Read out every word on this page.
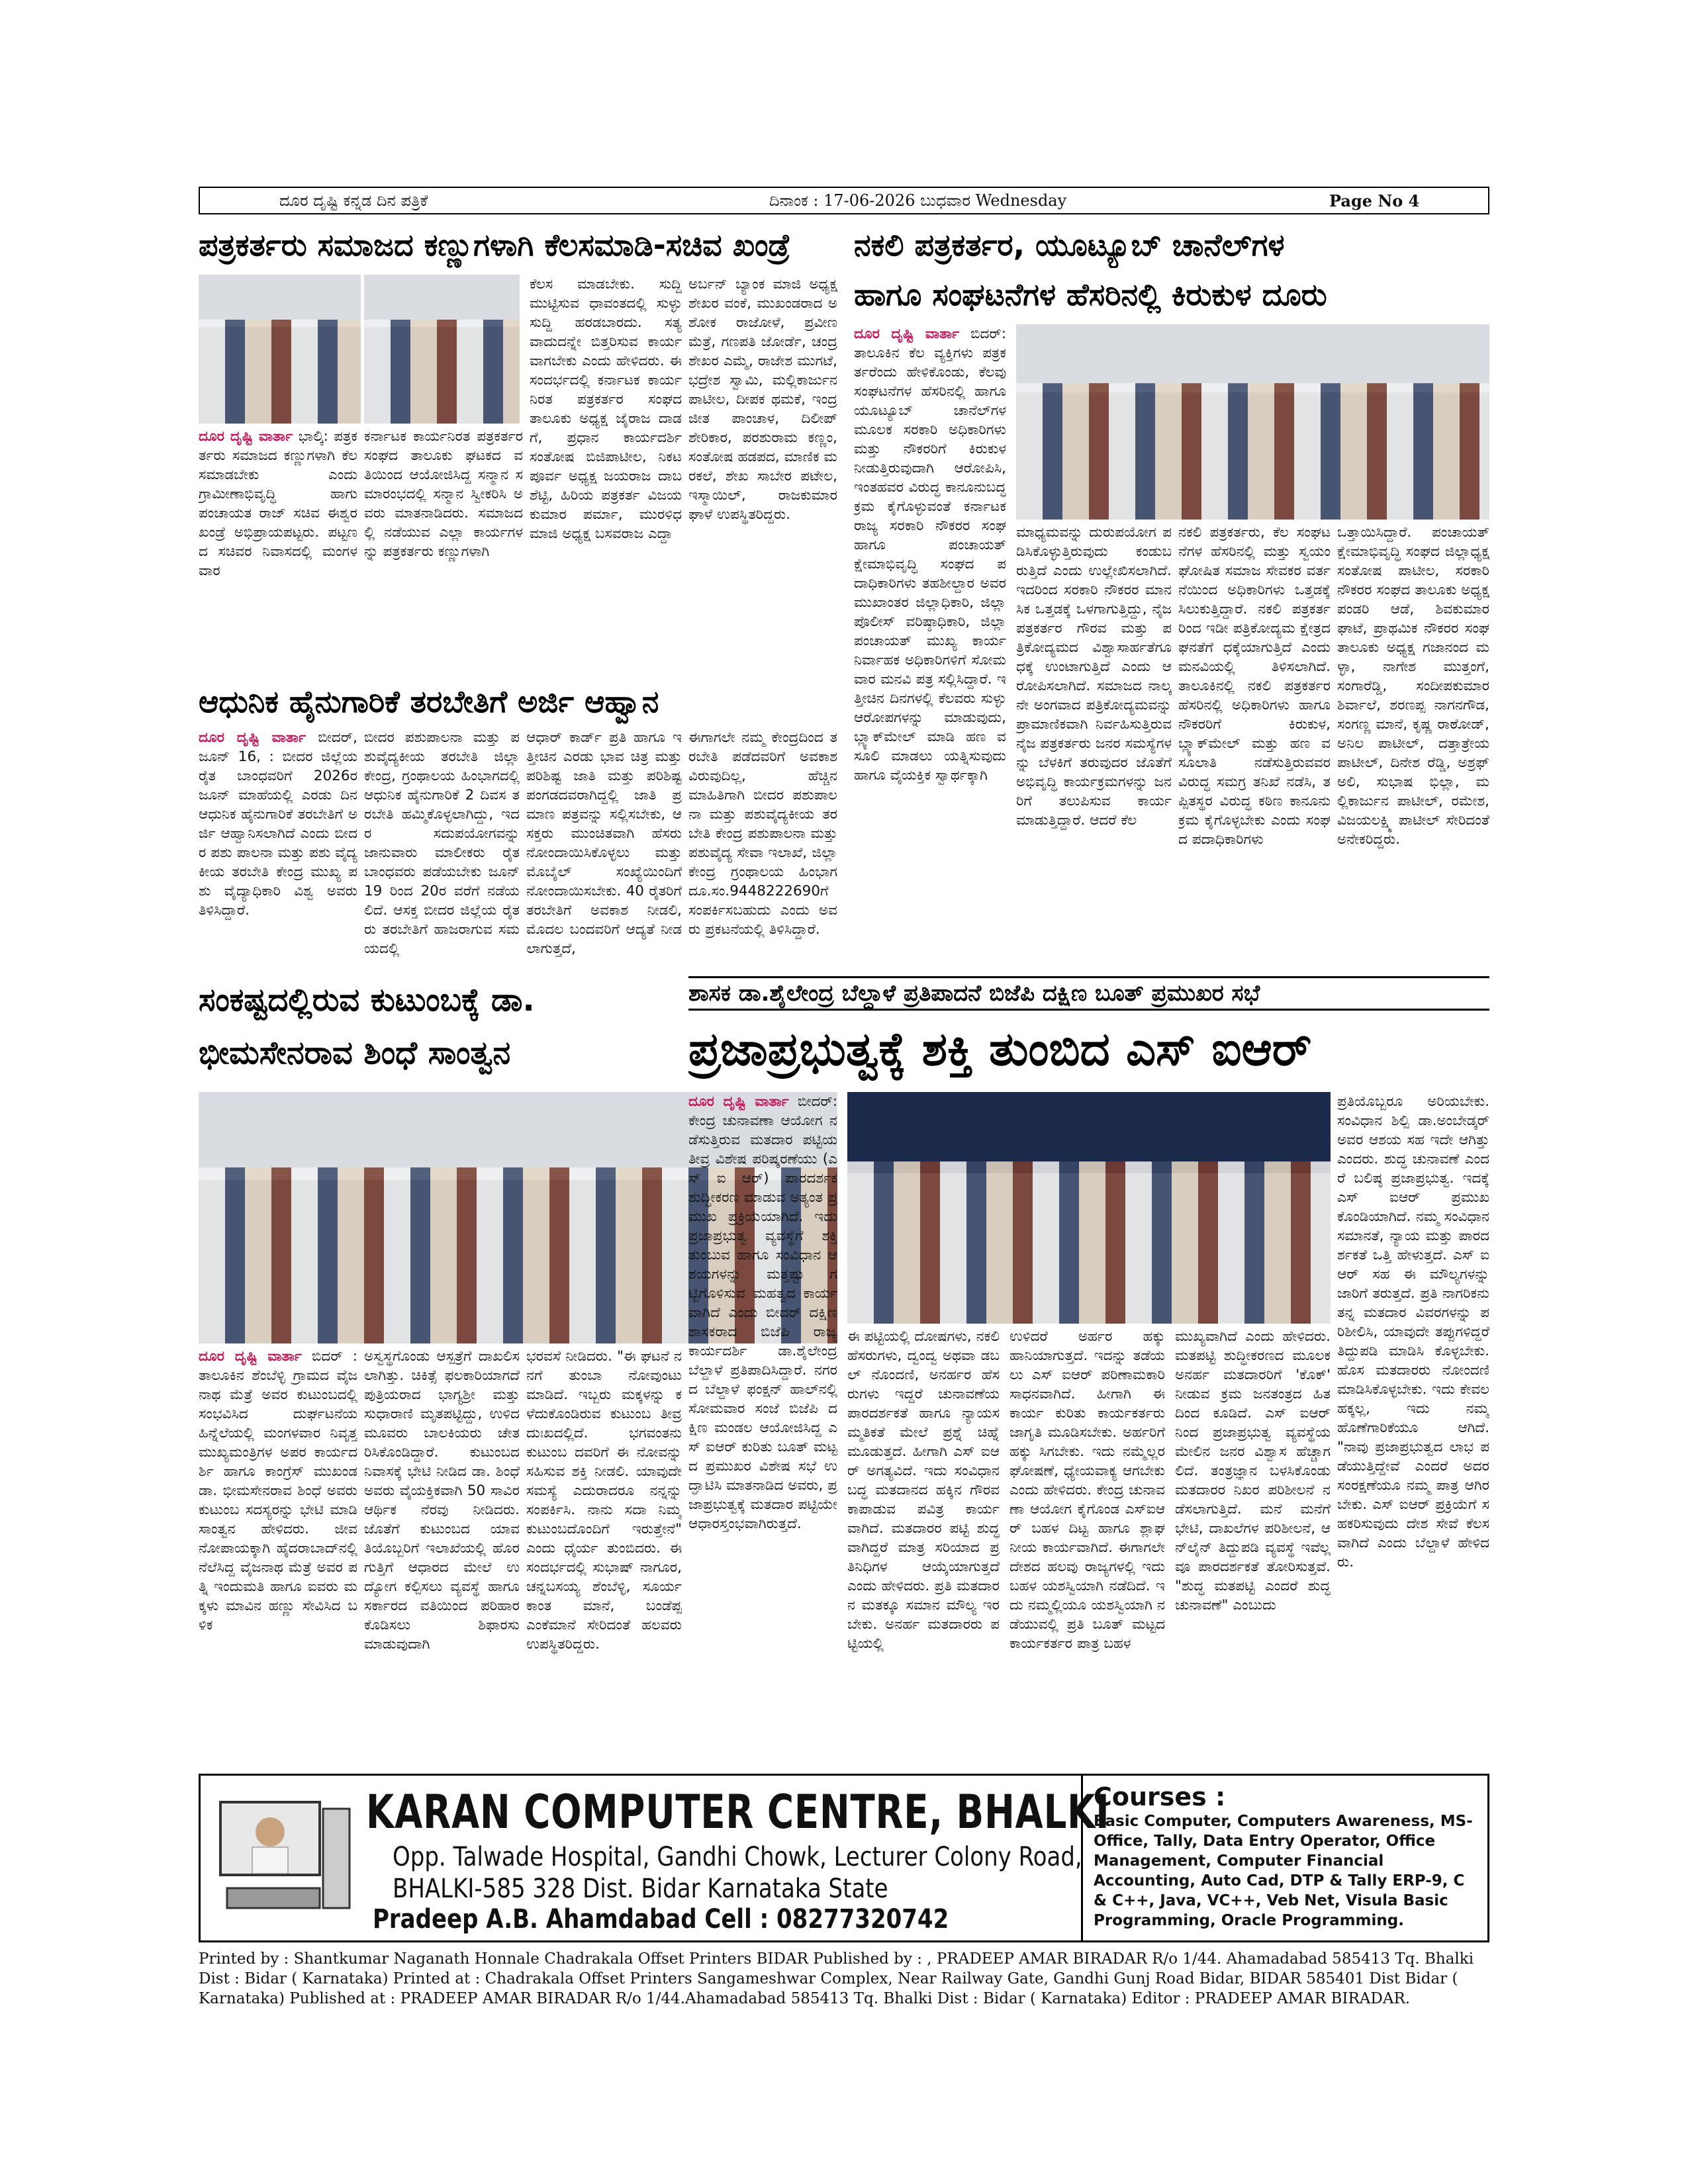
ದೂರ ದೃಷ್ಟಿ ಕನ್ನಡ ದಿನ ಪತ್ರಿಕೆ	ದಿನಾಂಕ : 17-06-2026 ಬುಧವಾರ Wednesday	Page No 4
ಪತ್ರಕರ್ತರು ಸಮಾಜದ ಕಣ್ಣುಗಳಾಗಿ ಕೆಲಸಮಾಡಿ-ಸಚಿವ ಖಂಡ್ರೆ
ದೂರ ದೃಷ್ಟಿ ವಾರ್ತಾ ಭಾಲ್ಕಿ: ಪತ್ರಕರ್ತರು ಸಮಾಜದ ಕಣ್ಣುಗಳಾಗಿ ಕೆಲಸಮಾಡಬೇಕು ಎಂದು ಗ್ರಾಮೀಣಾಭಿವೃದ್ಧಿ ಹಾಗು ಪಂಚಾಯತ ರಾಜ್ ಸಚಿವ ಈಶ್ವರ ಖಂಡ್ರೆ ಅಭಿಪ್ರಾಯಪಟ್ಟರು. ಪಟ್ಟಣದ ಸಚಿವರ ನಿವಾಸದಲ್ಲಿ ಮಂಗಳವಾರ
ಕರ್ನಾಟಕ ಕಾರ್ಯನಿರತ ಪತ್ರಕರ್ತರ ಸಂಘದ ತಾಲೂಕು ಘಟಕದ ವತಿಯಿಂದ ಆಯೋಜಿಸಿದ್ದ ಸನ್ಮಾನ ಸಮಾರಂಭದಲ್ಲಿ ಸನ್ಮಾನ ಸ್ವೀಕರಿಸಿ ಅವರು ಮಾತನಾಡಿದರು. ಸಮಾಜದಲ್ಲಿ ನಡೆಯುವ ಎಲ್ಲಾ ಕಾರ್ಯಗಳನ್ನು ಪತ್ರಕರ್ತರು ಕಣ್ಣುಗಳಾಗಿ
ಕೆಲಸ ಮಾಡಬೇಕು. ಸುದ್ದಿ ಮುಟ್ಟಿಸುವ ಧಾವಂತದಲ್ಲಿ ಸುಳ್ಳು ಸುದ್ದಿ ಹರಡಬಾರದು. ಸತ್ಯವಾದುದನ್ನೇ ಬಿತ್ತರಿಸುವ ಕಾರ್ಯವಾಗಬೇಕು ಎಂದು ಹೇಳಿದರು. ಈ ಸಂದರ್ಭದಲ್ಲಿ ಕರ್ನಾಟಕ ಕಾರ್ಯನಿರತ ಪತ್ರಕರ್ತರ ಸಂಘದ ತಾಲೂಕು ಅಧ್ಯಕ್ಷ ಜೈರಾಜ ದಾಡಗೆ, ಪ್ರಧಾನ ಕಾರ್ಯದರ್ಶಿ ಸಂತೋಷ ಬಿಜಿಪಾಟೀಲ, ನಿಕಟ ಪೂರ್ವ ಅಧ್ಯಕ್ಷ ಜಯರಾಜ ದಾಬಶೆಟ್ಟಿ, ಹಿರಿಯ ಪತ್ರಕರ್ತ ವಿಜಯಕುಮಾರ ಪರ್ಮಾ, ಮುರಳಿಧ ಮಾಜಿ ಅಧ್ಯಕ್ಷ ಬಸವರಾಜ ಎದ್ದಾ
ಅರ್ಬನ್ ಬ್ಯಾಂಕ ಮಾಜಿ ಅಧ್ಯಕ್ಷ ಶೇಖರ ವಂಕೆ, ಮುಖಂಡರಾದ ಅಶೋಕ ರಾಜೋಳೆ, ಪ್ರವೀಣ ಮೆತ್ರೆ, ಗಣಪತಿ ಜೋರ್ಡೆ, ಚಂದ್ರಶೇಖರ ಎಮ್ಮೆ, ರಾಜೇಶ ಮುಗಟೆ, ಭದ್ರೇಶ ಸ್ವಾಮಿ, ಮಲ್ಲಿಕಾರ್ಜುನ ಪಾಟೀಲ, ದೀಪಕ ಥಮಕೆ, ಇಂದ್ರಜೀತ ಪಾಂಚಾಳ, ದಿಲೀಪ್ ಶೇರಿಕಾರ, ಪರಶುರಾಮ ಕಣ್ಣಂ, ಸಂತೋಷ ಹಡಪದ, ಮಾಣಿಕ ಮರಕಲೆ, ಶೇಖ ಸಾಬೇರ ಪಟೇಲ, ಇಸ್ಮಾಯಿಲ್, ರಾಜಕುಮಾರ ಘಾಳೆ ಉಪಸ್ಥಿತರಿದ್ದರು.
ನಕಲಿ ಪತ್ರಕರ್ತರ, ಯೂಟ್ಯೂಬ್ ಚಾನೆಲ್‌ಗಳ
ಹಾಗೂ ಸಂಘಟನೆಗಳ ಹೆಸರಿನಲ್ಲಿ ಕಿರುಕುಳ ದೂರು
ದೂರ ದೃಷ್ಟಿ ವಾರ್ತಾ ಬಿದರ್: ತಾಲೂಕಿನ ಕೆಲ ವ್ಯಕ್ತಿಗಳು ಪತ್ರಕರ್ತರೆಂದು ಹೇಳಿಕೊಂಡು, ಕೆಲವು ಸಂಘಟನೆಗಳ ಹೆಸರಿನಲ್ಲಿ ಹಾಗೂ ಯೂಟ್ಯೂಬ್ ಚಾನೆಲ್‌ಗಳ ಮೂಲಕ ಸರಕಾರಿ ಅಧಿಕಾರಿಗಳು ಮತ್ತು ನೌಕರರಿಗೆ ಕಿರುಕುಳ ನೀಡುತ್ತಿರುವುದಾಗಿ ಆರೋಪಿಸಿ, ಇಂತಹವರ ವಿರುದ್ಧ ಕಾನೂನುಬದ್ಧ ಕ್ರಮ ಕೈಗೊಳ್ಳುವಂತೆ ಕರ್ನಾಟಕ ರಾಜ್ಯ ಸರಕಾರಿ ನೌಕರರ ಸಂಘ ಹಾಗೂ ಪಂಚಾಯತ್ ಕ್ಷೇಮಾಭಿವೃದ್ಧಿ ಸಂಘದ ಪದಾಧಿಕಾರಿಗಳು ತಹಶೀಲ್ದಾರ ಅವರ ಮುಖಾಂತರ ಜಿಲ್ಲಾಧಿಕಾರಿ, ಜಿಲ್ಲಾ ಪೊಲೀಸ್ ವರಿಷ್ಠಾಧಿಕಾರಿ, ಜಿಲ್ಲಾ ಪಂಚಾಯತ್ ಮುಖ್ಯ ಕಾರ್ಯ ನಿರ್ವಾಹಕ ಅಧಿಕಾರಿಗಳಿಗೆ ಸೋಮವಾರ ಮನವಿ ಪತ್ರ ಸಲ್ಲಿಸಿದ್ದಾರೆ. ಇತ್ತೀಚಿನ ದಿನಗಳಲ್ಲಿ ಕೆಲವರು ಸುಳ್ಳು ಆರೋಪಗಳನ್ನು ಮಾಡುವುದು, ಬ್ಲ್ಯಾಕ್‌ಮೇಲ್ ಮಾಡಿ ಹಣ ವಸೂಲಿ ಮಾಡಲು ಯತ್ನಿಸುವುದು ಹಾಗೂ ವೈಯಕ್ತಿಕ ಸ್ವಾರ್ಥಕ್ಕಾಗಿ
ಮಾಧ್ಯಮವನ್ನು ದುರುಪಯೋಗ ಪಡಿಸಿಕೊಳ್ಳುತ್ತಿರುವುದು ಕಂಡುಬರುತ್ತಿದೆ ಎಂದು ಉಲ್ಲೇಖಿಸಲಾಗಿದೆ. ಇದರಿಂದ ಸರಕಾರಿ ನೌಕರರ ಮಾನಸಿಕ ಒತ್ತಡಕ್ಕೆ ಒಳಗಾಗುತ್ತಿದ್ದು, ನೈಜ ಪತ್ರಕರ್ತರ ಗೌರವ ಮತ್ತು ಪತ್ರಿಕೋದ್ಯಮದ ವಿಶ್ವಾಸಾರ್ಹತೆಗೂ ಧಕ್ಕೆ ಉಂಟಾಗುತ್ತಿದೆ ಎಂದು ಆರೋಪಿಸಲಾಗಿದೆ. ಸಮಾಜದ ನಾಲ್ಕನೇ ಅಂಗವಾದ ಪತ್ರಿಕೋದ್ಯಮವನ್ನು ಪ್ರಾಮಾಣಿಕವಾಗಿ ನಿರ್ವಹಿಸುತ್ತಿರುವ ನೈಜ ಪತ್ರಕರ್ತರು ಜನರ ಸಮಸ್ಯೆಗಳನ್ನು ಬೆಳಕಿಗೆ ತರುವುದರ ಜೊತೆಗೆ ಅಭಿವೃದ್ಧಿ ಕಾರ್ಯಕ್ರಮಗಳನ್ನು ಜನರಿಗೆ ತಲುಪಿಸುವ ಕಾರ್ಯ ಮಾಡುತ್ತಿದ್ದಾರೆ. ಆದರೆ ಕೆಲ
ನಕಲಿ ಪತ್ರಕರ್ತರು, ಕೆಲ ಸಂಘಟನೆಗಳ ಹೆಸರಿನಲ್ಲಿ ಮತ್ತು ಸ್ವಯಂ ಘೋಷಿತ ಸಮಾಜ ಸೇವಕರ ವರ್ತನೆಯಿಂದ ಅಧಿಕಾರಿಗಳು ಒತ್ತಡಕ್ಕೆ ಸಿಲುಕುತ್ತಿದ್ದಾರೆ. ನಕಲಿ ಪತ್ರಕರ್ತರಿಂದ ಇಡೀ ಪತ್ರಿಕೋದ್ಯಮ ಕ್ಷೇತ್ರದ ಘನತೆಗೆ ಧಕ್ಕೆಯಾಗುತ್ತಿದೆ ಎಂದು ಮನವಿಯಲ್ಲಿ ತಿಳಿಸಲಾಗಿದೆ. ತಾಲೂಕಿನಲ್ಲಿ ನಕಲಿ ಪತ್ರಕರ್ತರ ಹೆಸರಿನಲ್ಲಿ ಅಧಿಕಾರಿಗಳು ಹಾಗೂ ನೌಕರರಿಗೆ ಕಿರುಕುಳ, ಬ್ಲ್ಯಾಕ್‌ಮೇಲ್ ಮತ್ತು ಹಣ ವಸೂಲಾತಿ ನಡೆಸುತ್ತಿರುವವರ ವಿರುದ್ಧ ಸಮಗ್ರ ತನಿಖೆ ನಡೆಸಿ, ತಪ್ಪಿತಸ್ಥರ ವಿರುದ್ಧ ಕಠಿಣ ಕಾನೂನು ಕ್ರಮ ಕೈಗೊಳ್ಳಬೇಕು ಎಂದು ಸಂಘದ ಪದಾಧಿಕಾರಿಗಳು
ಒತ್ತಾಯಿಸಿದ್ದಾರೆ. ಪಂಚಾಯತ್ ಕ್ಷೇಮಾಭಿವೃದ್ಧಿ ಸಂಘದ ಜಿಲ್ಲಾಧ್ಯಕ್ಷ ಸಂತೋಷ ಪಾಟೀಲ, ಸರಕಾರಿ ನೌಕರರ ಸಂಘದ ತಾಲೂಕು ಅಧ್ಯಕ್ಷ ಪಂಡರಿ ಆಡೆ, ಶಿವಕುಮಾರ ಘಾಟೆ, ಪ್ರಾಥಮಿಕ ನೌಕರರ ಸಂಘ ತಾಲೂಕು ಅಧ್ಯಕ್ಷ ಗಜಾನಂದ ಮಳ್ಳಾ, ನಾಗೇಶ ಮುತ್ತಂಗೆ, ಸಂಗಾರೆಡ್ಡಿ, ಸಂದೀಪಕುಮಾರ ಶಿರ್ವಾಲೆ, ಶರಣಪ್ಪ ನಾಗನಗೌಡ, ಸಂಗಣ್ಣ ಮಾನೆ, ಕೃಷ್ಣ ರಾಠೋಡ್, ಅನಿಲ ಪಾಟೀಲ್, ದತ್ತಾತ್ರೇಯ ಪಾಟೀಲ್, ದಿನೇಶ ರೆಡ್ಡಿ, ಅಶ್ರಫ್ ಅಲಿ, ಸುಭಾಷ ಭಿಲ್ಲಾ, ಮಲ್ಲಿಕಾರ್ಜುನ ಪಾಟೀಲ್, ರಮೇಶ, ವಿಜಯಲಕ್ಷ್ಮಿ ಪಾಟೀಲ್ ಸೇರಿದಂತೆ ಅನೇಕರಿದ್ದರು.
ಆಧುನಿಕ ಹೈನುಗಾರಿಕೆ ತರಬೇತಿಗೆ ಅರ್ಜಿ ಆಹ್ವಾನ
ದೂರ ದೃಷ್ಟಿ ವಾರ್ತಾ ಬೀದರ್, ಜೂನ್ 16, : ಬೀದರ ಜಿಲ್ಲೆಯ ರೈತ ಬಾಂಧವರಿಗೆ 2026ರ ಜೂನ್ ಮಾಹೆಯಲ್ಲಿ ಎರಡು ದಿನ ಆಧುನಿಕ ಹೈನುಗಾರಿಕೆ ತರಬೇತಿಗೆ ಅರ್ಜಿ ಆಹ್ವಾನಿಸಲಾಗಿದೆ ಎಂದು ಬೀದರ ಪಶು ಪಾಲನಾ ಮತ್ತು ಪಶು ವೈದ್ಯಕೀಯ ತರಬೇತಿ ಕೇಂದ್ರ ಮುಖ್ಯ ಪಶು ವೈದ್ಯಾಧಿಕಾರಿ ವಿಶ್ವ ಅವರು ತಿಳಿಸಿದ್ದಾರೆ.
ಬೀದರ ಪಶುಪಾಲನಾ ಮತ್ತು ಪಶುವೈದ್ಯಕೀಯ ತರಬೇತಿ ಜಿಲ್ಲಾ ಕೇಂದ್ರ, ಗ್ರಂಥಾಲಯ ಹಿಂಭಾಗದಲ್ಲಿ ಆಧುನಿಕ ಹೈನುಗಾರಿಕೆ 2 ದಿವಸ ತರಬೇತಿ ಹಮ್ಮಿಕೊಳ್ಳಲಾಗಿದ್ದು, ಇದರ ಸದುಪಯೋಗವನ್ನು ಜಾನುವಾರು ಮಾಲೀಕರು ರೈತ ಬಾಂಧವರು ಪಡೆಯಬೇಕು ಜೂನ್ 19 ರಿಂದ 20ರ ವರೆಗೆ ನಡೆಯಲಿದೆ. ಆಸಕ್ತ ಬೀದರ ಜಿಲ್ಲೆಯ ರೈತರು ತರಬೇತಿಗೆ ಹಾಜರಾಗುವ ಸಮಯದಲ್ಲಿ
ಆಧಾರ್ ಕಾರ್ಡ್ ಪ್ರತಿ ಹಾಗೂ ಇತ್ತೀಚಿನ ಎರಡು ಭಾವ ಚಿತ್ರ ಮತ್ತು ಪರಿಶಿಷ್ಟ ಜಾತಿ ಮತ್ತು ಪರಿಶಿಷ್ಟ ಪಂಗಡದವರಾಗಿದ್ದಲ್ಲಿ ಜಾತಿ ಪ್ರಮಾಣ ಪತ್ರವನ್ನು ಸಲ್ಲಿಸಬೇಕು, ಆಸಕ್ತರು ಮುಂಚಿತವಾಗಿ ಹೆಸರು ನೋಂದಾಯಿಸಿಕೊಳ್ಳಲು ಮತ್ತು ಮೊಬೈಲ್ ಸಂಖ್ಯೆಯಿಂದಿಗೆ ನೋಂದಾಯಿಸಬೇಕು. 40 ರೈತರಿಗೆ ತರಬೇತಿಗೆ ಅವಕಾಶ ನೀಡಲಿ, ಮೊದಲ ಬಂದವರಿಗೆ ಆದ್ಯತೆ ನೀಡಲಾಗುತ್ತದೆ,
ಈಗಾಗಲೇ ನಮ್ಮ ಕೇಂದ್ರದಿಂದ ತರಬೇತಿ ಪಡೆದವರಿಗೆ ಅವಕಾಶವಿರುವುದಿಲ್ಲ, ಹೆಚ್ಚಿನ ಮಾಹಿತಿಗಾಗಿ ಬೀದರ ಪಶುಪಾಲನಾ ಮತ್ತು ಪಶುವೈದ್ಯಕೀಯ ತರಬೇತಿ ಕೇಂದ್ರ ಪಶುಪಾಲನಾ ಮತ್ತು ಪಶುವೈದ್ಯ ಸೇವಾ ಇಲಾಖೆ, ಜಿಲ್ಲಾ ಕೇಂದ್ರ ಗ್ರಂಥಾಲಯ ಹಿಂಭಾಗ ದೂ.ಸಂ.9448222690ಗೆ ಸಂಪರ್ಕಿಸಬಹುದು ಎಂದು ಅವರು ಪ್ರಕಟನೆಯಲ್ಲಿ ತಿಳಿಸಿದ್ದಾರೆ.
ಸಂಕಷ್ಟದಲ್ಲಿರುವ ಕುಟುಂಬಕ್ಕೆ ಡಾ.
ಭೀಮಸೇನರಾವ ಶಿಂಧೆ ಸಾಂತ್ವನ
ದೂರ ದೃಷ್ಟಿ ವಾರ್ತಾ ಬಿದರ್ : ತಾಲೂಕಿನ ಶೆಂಬೆಳ್ಳಿ ಗ್ರಾಮದ ವೈಜನಾಥ ಮೆತ್ರೆ ಅವರ ಕುಟುಂಬದಲ್ಲಿ ಸಂಭವಿಸಿದ ದುರ್ಘಟನೆಯ ಹಿನ್ನೆಲೆಯಲ್ಲಿ ಮಂಗಳವಾರ ನಿವೃತ್ತ ಮುಖ್ಯಮಂತ್ರಿಗಳ ಅಪರ ಕಾರ್ಯದರ್ಶಿ ಹಾಗೂ ಕಾಂಗ್ರೆಸ್ ಮುಖಂಡ ಡಾ. ಭೀಮಸೇನರಾವ ಶಿಂಧೆ ಅವರು ಕುಟುಂಬ ಸದಸ್ಯರನ್ನು ಭೇಟಿ ಮಾಡಿ ಸಾಂತ್ವನ ಹೇಳಿದರು. ಜೀವನೋಪಾಯಕ್ಕಾಗಿ ಹೈದರಾಬಾದ್‌ನಲ್ಲಿ ನೆಲೆಸಿದ್ದ ವೈಜನಾಥ ಮೆತ್ರೆ ಅವರ ಪತ್ನಿ ಇಂದುಮತಿ ಹಾಗೂ ಐವರು ಮಕ್ಕಳು ಮಾವಿನ ಹಣ್ಣು ಸೇವಿಸಿದ ಬಳಿಕ
ಅಸ್ವಸ್ಥಗೊಂಡು ಆಸ್ಪತ್ರೆಗೆ ದಾಖಲಿಸಲಾಗಿತ್ತು. ಚಿಕಿತ್ಸೆ ಫಲಕಾರಿಯಾಗದೆ ಪುತ್ರಿಯರಾದ ಭಾಗ್ಯಶ್ರೀ ಮತ್ತು ಸುಧಾರಾಣಿ ಮೃತಪಟ್ಟಿದ್ದು, ಉಳಿದ ಮೂವರು ಬಾಲಕಿಯರು ಚೇತರಿಸಿಕೊಂಡಿದ್ದಾರೆ. ಕುಟುಂಬದ ನಿವಾಸಕ್ಕೆ ಭೇಟಿ ನೀಡಿದ ಡಾ. ಶಿಂಧೆ ಅವರು ವೈಯಕ್ತಿಕವಾಗಿ 50 ಸಾವಿರ ಆರ್ಥಿಕ ನೆರವು ನೀಡಿದರು. ಜೊತೆಗೆ ಕುಟುಂಬದ ಯಾವ ತಿಯೊಬ್ಬರಿಗೆ ಇಲಾಖೆಯಲ್ಲಿ ಹೊರಗುತ್ತಿಗೆ ಆಧಾರದ ಮೇಲೆ ಉದ್ಯೋಗ ಕಲ್ಪಿಸಲು ವ್ಯವಸ್ಥೆ ಹಾಗೂ ಸರ್ಕಾರದ ವತಿಯಿಂದ ಪರಿಹಾರ ಕೊಡಿಸಲು ಶಿಫಾರಸು ಮಾಡುವುದಾಗಿ
ಭರವಸೆ ನೀಡಿದರು. "ಈ ಘಟನೆ ನನಗೆ ತುಂಬಾ ನೋವುಂಟು ಮಾಡಿದೆ. ಇಬ್ಬರು ಮಕ್ಕಳನ್ನು ಕಳೆದುಕೊಂಡಿರುವ ಕುಟುಂಬ ತೀವ್ರ ದುಃಖದಲ್ಲಿದೆ. ಭಗವಂತನು ಕುಟುಂಬ ದವರಿಗೆ ಈ ನೋವನ್ನು ಸಹಿಸುವ ಶಕ್ತಿ ನೀಡಲಿ. ಯಾವುದೇ ಸಮಸ್ಯೆ ಎದುರಾದರೂ ನನ್ನನ್ನು ಸಂಪರ್ಕಿಸಿ. ನಾನು ಸದಾ ನಿಮ್ಮ ಕುಟುಂಬದೊಂದಿಗೆ ಇರುತ್ತೇನೆ" ಎಂದು ಧೈರ್ಯ ತುಂಬಿದರು. ಈ ಸಂದರ್ಭದಲ್ಲಿ ಸುಭಾಷ್ ನಾಗೂರ, ಚನ್ನಬಸಯ್ಯ ಶೆಂಬೆಳ್ಳಿ, ಸೂರ್ಯಕಾಂತ ಮಾನೆ, ಬಂಡೆಪ್ಪ ಎಂಕೆಮಾನೆ ಸೇರಿದಂತೆ ಹಲವರು ಉಪಸ್ಥಿತರಿದ್ದರು.
ಶಾಸಕ ಡಾ.ಶೈಲೇಂದ್ರ ಬೆಲ್ದಾಳೆ ಪ್ರತಿಪಾದನೆ ಬಿಜೆಪಿ ದಕ್ಷಿಣ ಬೂತ್ ಪ್ರಮುಖರ ಸಭೆ
ಪ್ರಜಾಪ್ರಭುತ್ವಕ್ಕೆ ಶಕ್ತಿ ತುಂಬಿದ ಎಸ್ ಐಆರ್
ದೂರ ದೃಷ್ಟಿ ವಾರ್ತಾ ಬೀದರ್: ಕೇಂದ್ರ ಚುನಾವಣಾ ಆಯೋಗ ನಡೆಸುತ್ತಿರುವ ಮತದಾರ ಪಟ್ಟಿಯ ತೀವ್ರ ವಿಶೇಷ ಪರಿಷ್ಕರಣೆಯು (ಎಸ್ ಐ ಆರ್) ಪಾರದರ್ಶಕ ಶುದ್ಧೀಕರಣ ಮಾಡುವ ಅತ್ಯಂತ ಪ್ರಮುಖ ಪ್ರಕ್ರಿಯೆಯಾಗಿದೆ. ಇದು ಪ್ರಜಾಪ್ರಭುತ್ವ ವ್ಯವಸ್ಥೆಗೆ ಶಕ್ತಿ ತುಂಬುವ ಹಾಗೂ ಸಂವಿಧಾನ ಆಶಯಗಳನ್ನು ಮತ್ತಷ್ಟು ಗಟ್ಟಿಗೊಳಿಸುವ ಮಹತ್ವದ ಕಾರ್ಯವಾಗಿದೆ ಎಂದು ಬೀದರ್ ದಕ್ಷಿಣ ಶಾಸಕರಾದ ಬಿಜೆಪಿ ರಾಜ್ಯ ಕಾರ್ಯದರ್ಶಿ ಡಾ.ಶೈಲೇಂದ್ರ ಬೆಲ್ದಾಳೆ ಪ್ರತಿಪಾದಿಸಿದ್ದಾರೆ. ನಗರದ ಬೆಲ್ದಾಳೆ ಫಂಕ್ಷನ್ ಹಾಲ್‌ನಲ್ಲಿ ಸೋಮವಾರ ಸಂಜೆ ಬಿಜೆಪಿ ದಕ್ಷಿಣ ಮಂಡಲ ಆಯೋಜಿಸಿದ್ದ ಎಸ್ ಐಆರ್ ಕುರಿತು ಬೂತ್ ಮಟ್ಟದ ಪ್ರಮುಖರ ವಿಶೇಷ ಸಭೆ ಉದ್ಘಾಟಿಸಿ ಮಾತನಾಡಿದ ಅವರು, ಪ್ರಜಾಪ್ರಭುತ್ವಕ್ಕೆ ಮತದಾರ ಪಟ್ಟಿಯೇ ಆಧಾರಸ್ತಂಭವಾಗಿರುತ್ತದೆ.
ಈ ಪಟ್ಟಿಯಲ್ಲಿ ದೋಷಗಳು, ನಕಲಿ ಹೆಸರುಗಳು, ದ್ವಂದ್ವ ಅಥವಾ ಡಬಲ್ ನೊಂದಣಿ, ಅನರ್ಹರ ಹೆಸರುಗಳು ಇದ್ದರೆ ಚುನಾವಣೆಯ ಪಾರದರ್ಶಕತೆ ಹಾಗೂ ನ್ಯಾಯಸಮ್ಮತಿಕತೆ ಮೇಲೆ ಪ್ರಶ್ನೆ ಚಿಹ್ನೆ ಮೂಡುತ್ತದೆ. ಹೀಗಾಗಿ ಎಸ್ ಐಆರ್ ಅಗತ್ಯವಿದೆ. ಇದು ಸಂವಿಧಾನಬದ್ಧ ಮತದಾನದ ಹಕ್ಕಿನ ಗೌರವ ಕಾಪಾಡುವ ಪವಿತ್ರ ಕಾರ್ಯವಾಗಿದೆ. ಮತದಾರರ ಪಟ್ಟಿ ಶುದ್ಧವಾಗಿದ್ದರೆ ಮಾತ್ರ ಸರಿಯಾದ ಪ್ರತಿನಿಧಿಗಳ ಆಯ್ಕೆಯಾಗುತ್ತದೆ ಎಂದು ಹೇಳಿದರು. ಪ್ರತಿ ಮತದಾರನ ಮತಕ್ಕೂ ಸಮಾನ ಮೌಲ್ಯ ಇರಬೇಕು. ಅನರ್ಹ ಮತದಾರರು ಪಟ್ಟಿಯಲ್ಲಿ
ಉಳಿದರೆ ಅರ್ಹರ ಹಕ್ಕು ಹಾನಿಯಾಗುತ್ತದೆ. ಇದನ್ನು ತಡೆಯಲು ಎಸ್ ಐಆರ್ ಪರಿಣಾಮಕಾರಿ ಸಾಧನವಾಗಿದೆ. ಹೀಗಾಗಿ ಈ ಕಾರ್ಯ ಕುರಿತು ಕಾರ್ಯಕರ್ತರು ಜಾಗೃತಿ ಮೂಡಿಸಬೇಕು. ಅರ್ಹರಿಗೆ ಹಕ್ಕು ಸಿಗಬೇಕು. ಇದು ನಮ್ಮೆಲ್ಲರ ಘೋಷಣೆ, ಧ್ಯೇಯವಾಕ್ಯ ಆಗಬೇಕು ಎಂದು ಹೇಳಿದರು. ಕೇಂದ್ರ ಚುನಾವಣಾ ಆಯೋಗ ಕೈಗೊಂಡ ಎಸ್‌ಐಆರ್ ಬಹಳ ದಿಟ್ಟ ಹಾಗೂ ಶ್ಲಾಘನೀಯ ಕಾರ್ಯವಾಗಿದೆ. ಈಗಾಗಲೇ ದೇಶದ ಹಲವು ರಾಜ್ಯಗಳಲ್ಲಿ ಇದು ಬಹಳ ಯಶಸ್ವಿಯಾಗಿ ನಡೆದಿದೆ. ಇದು ನಮ್ಮಲ್ಲಿಯೂ ಯಶಸ್ವಿಯಾಗಿ ನಡೆಯುವಲ್ಲಿ ಪ್ರತಿ ಬೂತ್ ಮಟ್ಟದ ಕಾರ್ಯಕರ್ತರ ಪಾತ್ರ ಬಹಳ
ಮುಖ್ಯವಾಗಿದೆ ಎಂದು ಹೇಳಿದರು. ಮತಪಟ್ಟಿ ಶುದ್ಧೀಕರಣದ ಮೂಲಕ ಅನರ್ಹ ಮತದಾರರಿಗೆ 'ಕೊಕ್' ನೀಡುವ ಕ್ರಮ ಜನತಂತ್ರದ ಹಿತದಿಂದ ಕೂಡಿದೆ. ಎಸ್ ಐಆರ್ ನಿಂದ ಪ್ರಜಾಪ್ರಭುತ್ವ ವ್ಯವಸ್ಥೆಯ ಮೇಲಿನ ಜನರ ವಿಶ್ವಾಸ ಹೆಚ್ಚಾಗಲಿದೆ. ತಂತ್ರಜ್ಞಾನ ಬಳಸಿಕೊಂಡು ಮತದಾರರ ನಿಖರ ಪರಿಶೀಲನೆ ನಡೆಸಲಾಗುತ್ತಿದೆ. ಮನೆ ಮನೆಗೆ ಭೇಟಿ, ದಾಖಲೆಗಳ ಪರಿಶೀಲನೆ, ಆನ್‌ಲೈನ್ ತಿದ್ದುಪಡಿ ವ್ಯವಸ್ಥೆ ಇವೆಲ್ಲವೂ ಪಾರದರ್ಶಕತೆ ತೋರಿಸುತ್ತವೆ. "ಶುದ್ಧ ಮತಪಟ್ಟಿ ಎಂದರೆ ಶುದ್ಧ ಚುನಾವಣೆ" ಎಂಬುದು
ಪ್ರತಿಯೊಬ್ಬರೂ ಅರಿಯಬೇಕು. ಸಂವಿಧಾನ ಶಿಲ್ಪಿ ಡಾ.ಅಂಬೇಡ್ಕರ್ ಅವರ ಆಶಯ ಸಹ ಇದೇ ಆಗಿತ್ತು ಎಂದರು. ಶುದ್ಧ ಚುನಾವಣೆ ಎಂದರೆ ಬಲಿಷ್ಠ ಪ್ರಜಾಪ್ರಭುತ್ವ. ಇದಕ್ಕೆ ಎಸ್ ಐಆರ್ ಪ್ರಮುಖ ಕೊಂಡಿಯಾಗಿದೆ. ನಮ್ಮ ಸಂವಿಧಾನ ಸಮಾನತೆ, ನ್ಯಾಯ ಮತ್ತು ಪಾರದರ್ಶಕತೆ ಒತ್ತಿ ಹೇಳುತ್ತದೆ. ಎಸ್ ಐಆರ್ ಸಹ ಈ ಮೌಲ್ಯಗಳನ್ನು ಜಾರಿಗೆ ತರುತ್ತದೆ. ಪ್ರತಿ ನಾಗರಿಕನು ತನ್ನ ಮತದಾರ ವಿವರಗಳನ್ನು ಪರಿಶೀಲಿಸಿ, ಯಾವುದೇ ತಪ್ಪುಗಳಿದ್ದರೆ ತಿದ್ದುಪಡಿ ಮಾಡಿಸಿ ಕೊಳ್ಳಬೇಕು. ಹೊಸ ಮತದಾರರು ನೋಂದಣಿ ಮಾಡಿಸಿಕೊಳ್ಳಬೇಕು. ಇದು ಕೇವಲ ಹಕ್ಕಲ್ಲ, ಇದು ನಮ್ಮ ಹೊಣೆಗಾರಿಕೆಯೂ ಆಗಿದೆ. "ನಾವು ಪ್ರಜಾಪ್ರಭುತ್ವದ ಲಾಭ ಪಡೆಯುತ್ತಿದ್ದೇವೆ ಎಂದರೆ ಅದರ ಸಂರಕ್ಷಣೆಯೂ ನಮ್ಮ ಪಾತ್ರ ಆಗಿರಬೇಕು. ಎಸ್ ಐಆರ್ ಪ್ರಕ್ರಿಯೆಗೆ ಸಹಕರಿಸುವುದು ದೇಶ ಸೇವೆ ಕೆಲಸವಾಗಿದೆ ಎಂದು ಬೆಲ್ದಾಳೆ ಹೇಳಿದರು.
KARAN COMPUTER CENTRE, BHALKI
Opp. Talwade Hospital, Gandhi Chowk, Lecturer Colony Road,
BHALKI-585 328 Dist. Bidar Karnataka State
Pradeep A.B. Ahamdabad Cell : 08277320742
Courses :
Basic Computer, Computers Awareness, MS-Office, Tally, Data Entry Operator, Office Management, Computer Financial Accounting, Auto Cad, DTP & Tally ERP-9, C & C++, Java, VC++, Veb Net, Visula Basic Programming, Oracle Programming.
Printed by : Shantkumar Naganath Honnale Chadrakala Offset Printers BIDAR Published by : , PRADEEP AMAR BIRADAR R/o 1/44. Ahamadabad 585413 Tq. Bhalki Dist : Bidar ( Karnataka) Printed at : Chadrakala Offset Printers Sangameshwar Complex, Near Railway Gate, Gandhi Gunj Road Bidar, BIDAR 585401 Dist Bidar ( Karnataka) Published at : PRADEEP AMAR BIRADAR R/o 1/44.Ahamadabad 585413 Tq. Bhalki Dist : Bidar ( Karnataka) Editor : PRADEEP AMAR BIRADAR.
